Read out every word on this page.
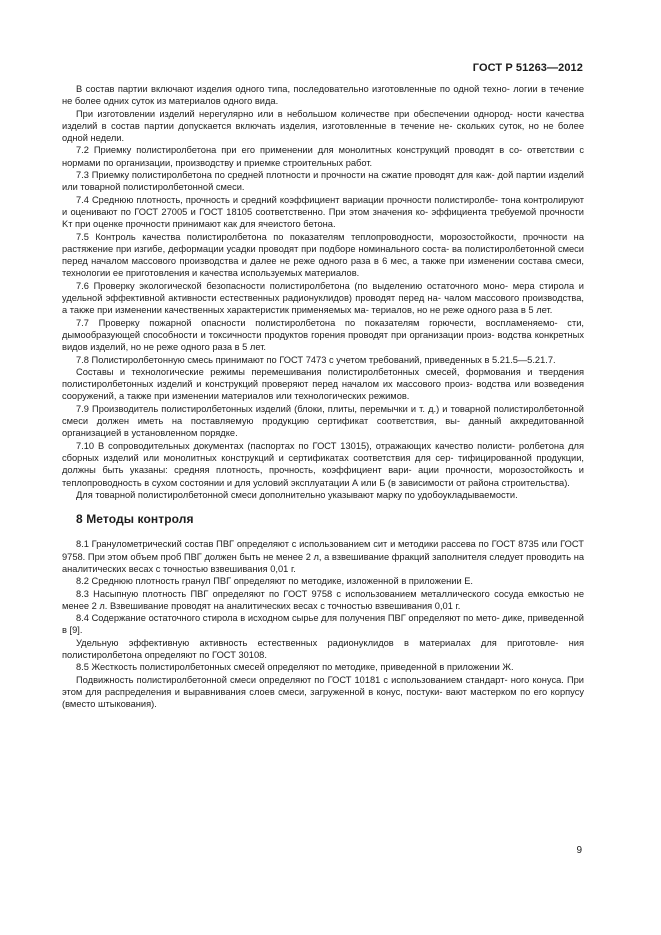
ГОСТ Р 51263—2012

В состав партии включают изделия одного типа, последовательно изготовленные по одной техно- логии в течение не более одних суток из материалов одного вида.

При изготовлении изделий нерегулярно или в небольшом количестве при обеспечении однород- ности качества изделий в состав партии допускается включать изделия, изготовленные в течение не- скольких суток, но не более одной недели.

7.2 Приемку полистиролбетона при его применении для монолитных конструкций проводят в со- ответствии с нормами по организации, производству и приемке строительных работ.

7.3 Приемку полистиролбетона по средней плотности и прочности на сжатие проводят для каж- дой партии изделий или товарной полистиролбетонной смеси.

7.4 Среднюю плотность, прочность и средний коэффициент вариации прочности полистиролбе- тона контролируют и оценивают по ГОСТ 27005 и ГОСТ 18105 соответственно. При этом значения ко- эффициента требуемой прочности Kт при оценке прочности принимают как для ячеистого бетона.

7.5 Контроль качества полистиролбетона по показателям теплопроводности, морозостойкости, прочности на растяжение при изгибе, деформации усадки проводят при подборе номинального соста- ва полистиролбетонной смеси перед началом массового производства и далее не реже одного раза в 6 мес, а также при изменении состава смеси, технологии ее приготовления и качества используемых материалов.

7.6 Проверку экологической безопасности полистиролбетона (по выделению остаточного моно- мера стирола и удельной эффективной активности естественных радионуклидов) проводят перед на- чалом массового производства, а также при изменении качественных характеристик применяемых ма- териалов, но не реже одного раза в 5 лет.

7.7 Проверку пожарной опасности полистиролбетона по показателям горючести, воспламеняемо- сти, дымообразующей способности и токсичности продуктов горения проводят при организации произ- водства конкретных видов изделий, но не реже одного раза в 5 лет.

7.8 Полистиролбетонную смесь принимают по ГОСТ 7473 с учетом требований, приведенных в 5.21.5—5.21.7.

Составы и технологические режимы перемешивания полистиролбетонных смесей, формования и твердения полистиролбетонных изделий и конструкций проверяют перед началом их массового произ- водства или возведения сооружений, а также при изменении материалов или технологических режимов.

7.9 Производитель полистиролбетонных изделий (блоки, плиты, перемычки и т. д.) и товарной полистиролбетонной смеси должен иметь на поставляемую продукцию сертификат соответствия, вы- данный аккредитованной организацией в установленном порядке.

7.10 В сопроводительных документах (паспортах по ГОСТ 13015), отражающих качество полисти- ролбетона для сборных изделий или монолитных конструкций и сертификатах соответствия для сер- тифицированной продукции, должны быть указаны: средняя плотность, прочность, коэффициент вари- ации прочности, морозостойкость и теплопроводность в сухом состоянии и для условий эксплуатации А или Б (в зависимости от района строительства).

Для товарной полистиролбетонной смеси дополнительно указывают марку по удобоукладываемости.

8 Методы контроля

8.1 Гранулометрический состав ПВГ определяют с использованием сит и методики рассева по ГОСТ 8735 или ГОСТ 9758. При этом объем проб ПВГ должен быть не менее 2 л, а взвешивание фракций заполнителя следует проводить на аналитических весах с точностью взвешивания 0,01 г.

8.2 Среднюю плотность гранул ПВГ определяют по методике, изложенной в приложении Е.

8.3 Насыпную плотность ПВГ определяют по ГОСТ 9758 с использованием металлического сосуда емкостью не менее 2 л. Взвешивание проводят на аналитических весах с точностью взвешивания 0,01 г.

8.4 Содержание остаточного стирола в исходном сырье для получения ПВГ определяют по мето- дике, приведенной в [9].

Удельную эффективную активность естественных радионуклидов в материалах для приготовле- ния полистиролбетона определяют по ГОСТ 30108.

8.5 Жесткость полистиролбетонных смесей определяют по методике, приведенной в приложении Ж.

Подвижность полистиролбетонной смеси определяют по ГОСТ 10181 с использованием стандарт- ного конуса. При этом для распределения и выравнивания слоев смеси, загруженной в конус, постуки- вают мастерком по его корпусу (вместо штыкования).

9
